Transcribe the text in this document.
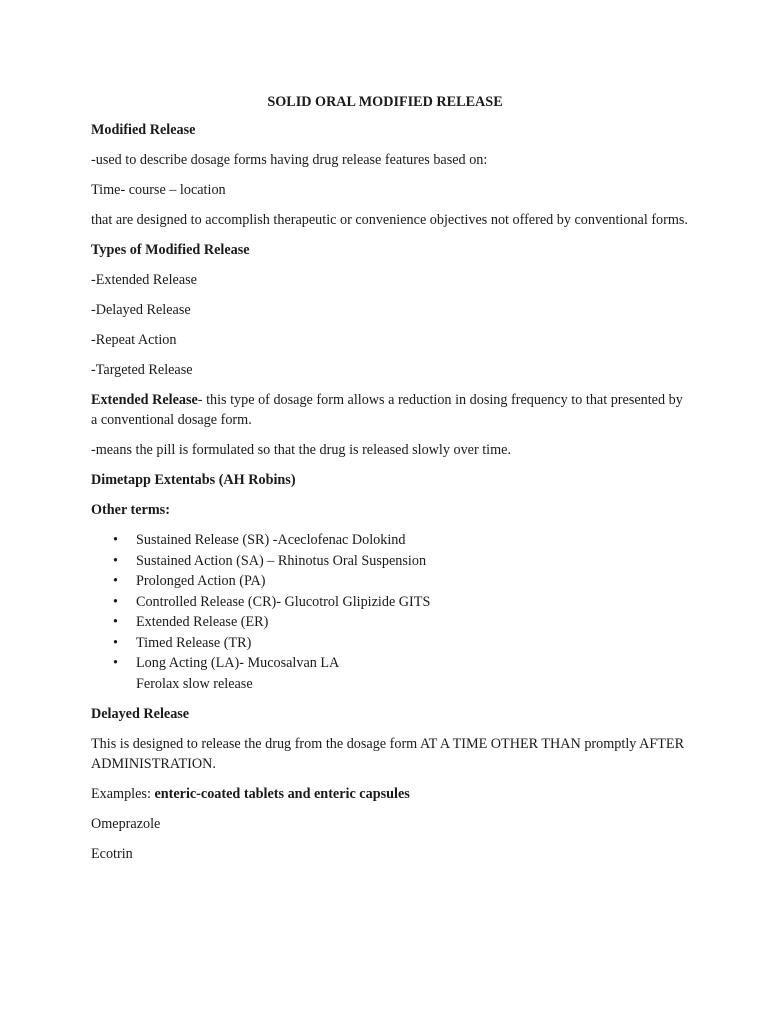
SOLID ORAL MODIFIED RELEASE

Modified Release

-used to describe dosage forms having drug release features based on:

Time- course – location

that are designed to accomplish therapeutic or convenience objectives not offered by conventional forms.

Types of Modified Release

-Extended Release

-Delayed Release

-Repeat Action

-Targeted Release

Extended Release- this type of dosage form allows a reduction in dosing frequency to that presented by a conventional dosage form.

-means the pill is formulated so that the drug is released slowly over time.

Dimetapp Extentabs (AH Robins)

Other terms:

• Sustained Release (SR) -Aceclofenac Dolokind
• Sustained Action (SA) – Rhinotus Oral Suspension
• Prolonged Action (PA)
• Controlled Release (CR)- Glucotrol Glipizide GITS
• Extended Release (ER)
• Timed Release (TR)
• Long Acting (LA)- Mucosalvan LA
Ferolax slow release

Delayed Release

This is designed to release the drug from the dosage form AT A TIME OTHER THAN promptly AFTER ADMINISTRATION.

Examples: enteric-coated tablets and enteric capsules

Omeprazole

Ecotrin
